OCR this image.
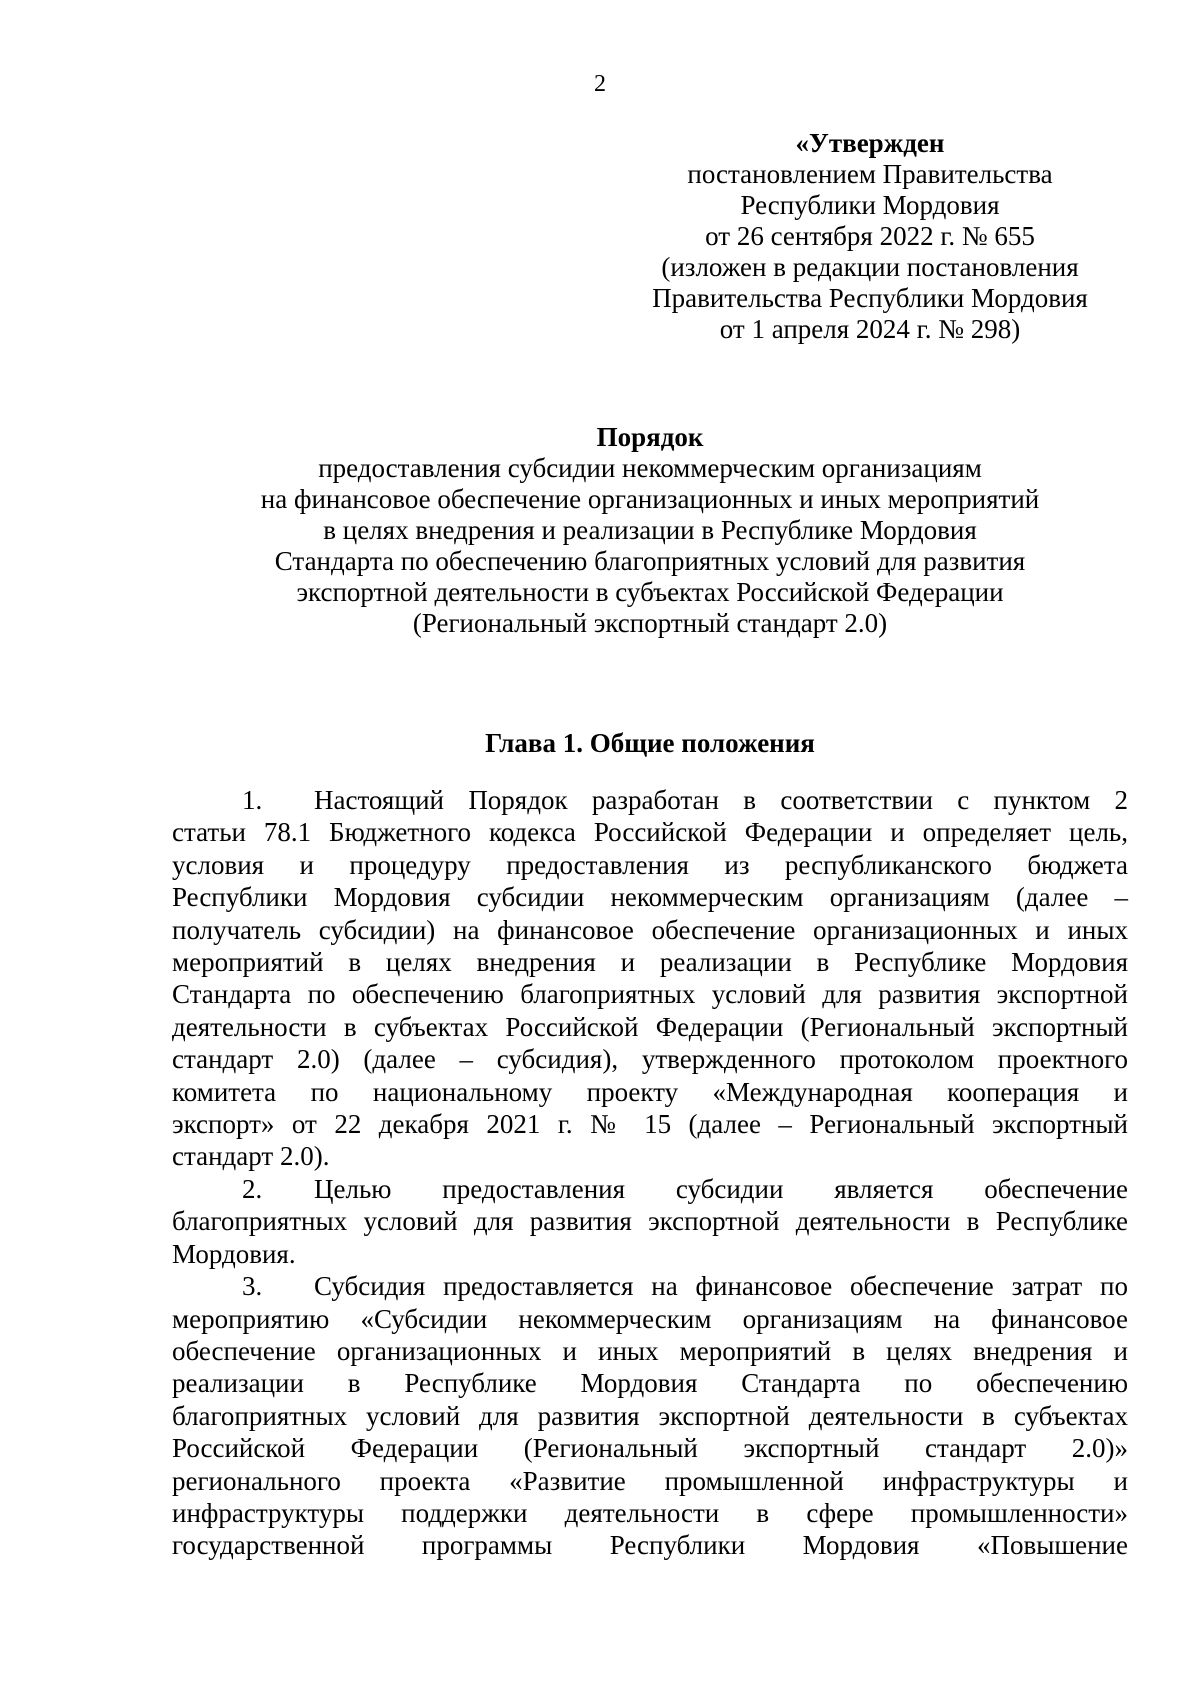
2
«Утвержден
постановлением Правительства
Республики Мордовия
от 26 сентября 2022 г. № 655
(изложен в редакции постановления
Правительства Республики Мордовия
от 1 апреля 2024 г. № 298)
Порядок
предоставления субсидии некоммерческим организациям
на финансовое обеспечение организационных и иных мероприятий
в целях внедрения и реализации в Республике Мордовия
Стандарта по обеспечению благоприятных условий для развития
экспортной деятельности в субъектах Российской Федерации
(Региональный экспортный стандарт 2.0)
Глава 1. Общие положения
1. Настоящий Порядок разработан в соответствии с пунктом 2
статьи 78.1 Бюджетного кодекса Российской Федерации и определяет цель,
условия и процедуру предоставления из республиканского бюджета
Республики Мордовия субсидии некоммерческим организациям (далее –
получатель субсидии) на финансовое обеспечение организационных и иных
мероприятий в целях внедрения и реализации в Республике Мордовия
Стандарта по обеспечению благоприятных условий для развития экспортной
деятельности в субъектах Российской Федерации (Региональный экспортный
стандарт 2.0) (далее – субсидия), утвержденного протоколом проектного
комитета по национальному проекту «Международная кооперация и
экспорт» от 22 декабря 2021 г. № 15 (далее – Региональный экспортный
стандарт 2.0).
2. Целью предоставления субсидии является обеспечение
благоприятных условий для развития экспортной деятельности в Республике
Мордовия.
3. Субсидия предоставляется на финансовое обеспечение затрат по
мероприятию «Субсидии некоммерческим организациям на финансовое
обеспечение организационных и иных мероприятий в целях внедрения и
реализации в Республике Мордовия Стандарта по обеспечению
благоприятных условий для развития экспортной деятельности в субъектах
Российской Федерации (Региональный экспортный стандарт 2.0)»
регионального проекта «Развитие промышленной инфраструктуры и
инфраструктуры поддержки деятельности в сфере промышленности»
государственной программы Республики Мордовия «Повышение
